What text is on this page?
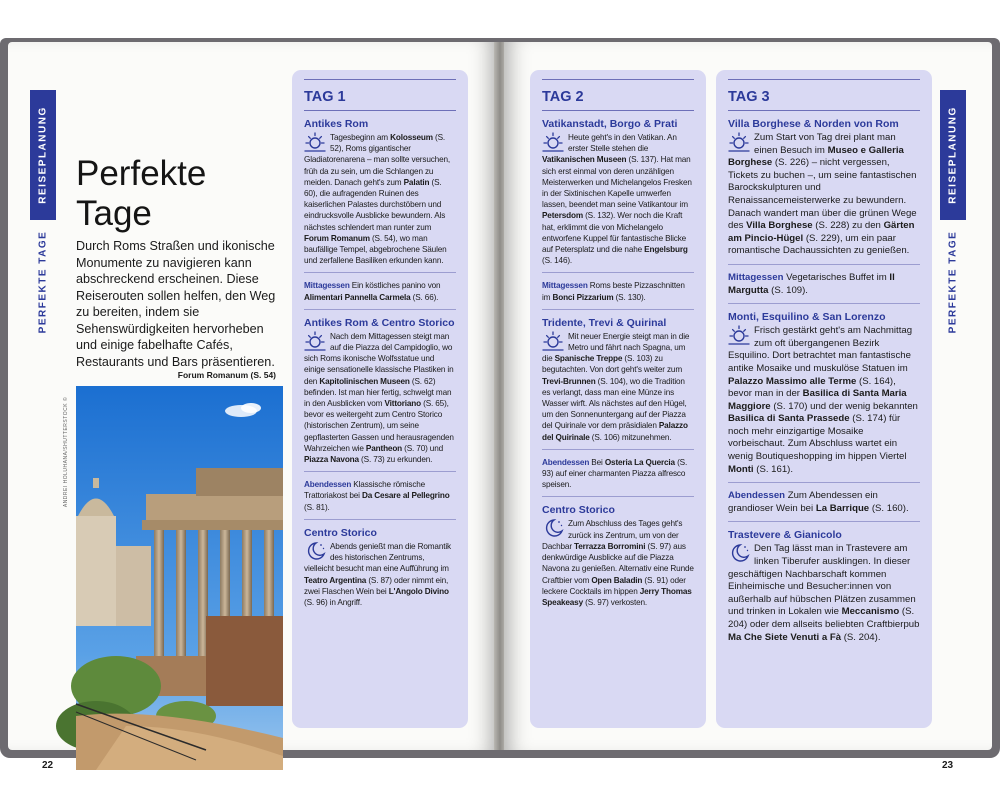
REISEPLANUNG
PERFEKTE TAGE
Perfekte
Tage

Durch Roms Straßen und ikonische Monumente zu navigieren kann abschreckend erscheinen. Diese Reiserouten sollen helfen, den Weg zu bereiten, indem sie Sehenswürdigkeiten hervorheben und einige fabelhafte Cafés, Restaurants und Bars präsentieren.

Forum Romanum (S. 54)
ANDREI HOLUHANA/SHUTTERSTOCK ©
22
TAG 1
Antikes Rom
Tagesbeginn am Kolosseum (S. 52), Roms gigantischer Gladiatorenarena – man sollte versuchen, früh da zu sein, um die Schlangen zu meiden. Danach geht's zum Palatin (S. 60), die aufragenden Ruinen des kaiserlichen Palastes durchstöbern und eindrucksvolle Ausblicke bewundern. Als nächstes schlendert man runter zum Forum Romanum (S. 54), wo man baufällige Tempel, abgebrochene Säulen und zerfallene Basiliken erkunden kann.
Mittagessen Ein köstliches panino von Alimentari Pannella Carmela (S. 66).
Antikes Rom & Centro Storico
Nach dem Mittagessen steigt man auf die Piazza del Campidoglio, wo sich Roms ikonische Wolfsstatue und einige sensationelle klassische Plastiken in den Kapitolinischen Museen (S. 62) befinden. Ist man hier fertig, schwelgt man in den Ausblicken vom Vittoriano (S. 65), bevor es weitergeht zum Centro Storico (historischen Zentrum), um seine gepflasterten Gassen und herausragenden Wahrzeichen wie Pantheon (S. 70) und Piazza Navona (S. 73) zu erkunden.
Abendessen Klassische römische Trattoriakost bei Da Cesare al Pellegrino (S. 81).
Centro Storico
Abends genießt man die Romantik des historischen Zentrums, vielleicht besucht man eine Aufführung im Teatro Argentina (S. 87) oder nimmt ein, zwei Flaschen Wein bei L'Angolo Divino (S. 96) in Angriff.
TAG 2
Vatikanstadt, Borgo & Prati
Heute geht's in den Vatikan. An erster Stelle stehen die Vatikanischen Museen (S. 137). Hat man sich erst einmal von deren unzähligen Meisterwerken und Michelangelos Fresken in der Sixtinischen Kapelle umwerfen lassen, beendet man seine Vatikantour im Petersdom (S. 132). Wer noch die Kraft hat, erklimmt die von Michelangelo entworfene Kuppel für fantastische Blicke auf Petersplatz und die nahe Engelsburg (S. 146).
Mittagessen Roms beste Pizzaschnitten im Bonci Pizzarium (S. 130).
Tridente, Trevi & Quirinal
Mit neuer Energie steigt man in die Metro und fährt nach Spagna, um die Spanische Treppe (S. 103) zu begutachten. Von dort geht's weiter zum Trevi-Brunnen (S. 104), wo die Tradition es verlangt, dass man eine Münze ins Wasser wirft. Als nächstes auf den Hügel, um den Sonnenuntergang auf der Piazza del Quirinale vor dem präsidialen Palazzo del Quirinale (S. 106) mitzunehmen.
Abendessen Bei Osteria La Quercia (S. 93) auf einer charmanten Piazza alfresco speisen.
Centro Storico
Zum Abschluss des Tages geht's zurück ins Zentrum, um von der Dachbar Terrazza Borromini (S. 97) aus denkwürdige Ausblicke auf die Piazza Navona zu genießen. Alternativ eine Runde Craftbier vom Open Baladin (S. 91) oder leckere Cocktails im hippen Jerry Thomas Speakeasy (S. 97) verkosten.
TAG 3
Villa Borghese & Norden von Rom
Zum Start von Tag drei plant man einen Besuch im Museo e Galleria Borghese (S. 226) – nicht vergessen, Tickets zu buchen –, um seine fantastischen Barockskulpturen und Renaissancemeisterwerke zu bewundern. Danach wandert man über die grünen Wege des Villa Borghese (S. 228) zu den Gärten am Pincio-Hügel (S. 229), um ein paar romantische Dachaussichten zu genießen.
Mittagessen Vegetarisches Buffet im Il Margutta (S. 109).
Monti, Esquilino & San Lorenzo
Frisch gestärkt geht's am Nachmittag zum oft übergangenen Bezirk Esquilino. Dort betrachtet man fantastische antike Mosaike und muskulöse Statuen im Palazzo Massimo alle Terme (S. 164), bevor man in der Basilica di Santa Maria Maggiore (S. 170) und der wenig bekannten Basilica di Santa Prassede (S. 174) für noch mehr einzigartige Mosaike vorbeischaut. Zum Abschluss wartet ein wenig Boutiqueshopping im hippen Viertel Monti (S. 161).
Abendessen Zum Abendessen ein grandioser Wein bei La Barrique (S. 160).
Trastevere & Gianicolo
Den Tag lässt man in Trastevere am linken Tiberufer ausklingen. In dieser geschäftigen Nachbarschaft kommen Einheimische und Besucher:innen von außerhalb auf hübschen Plätzen zusammen und trinken in Lokalen wie Meccanismo (S. 204) oder dem allseits beliebten Craftbierpub Ma Che Siete Venuti a Fà (S. 204).
REISEPLANUNG
PERFEKTE TAGE
23
